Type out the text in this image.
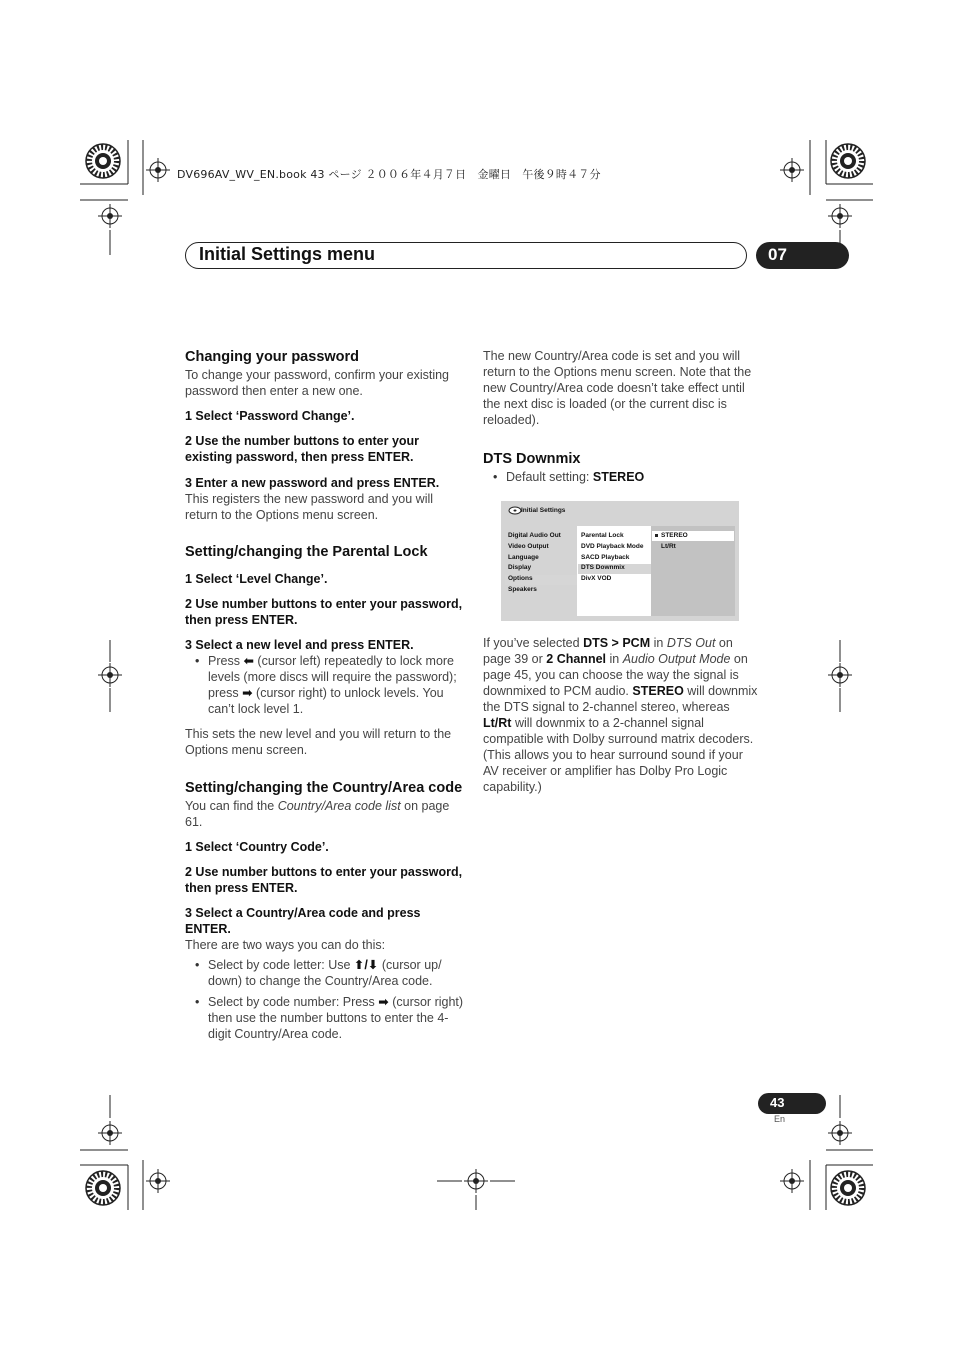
DV696AV_WV_EN.book 43 ページ ２００６年４月７日　金曜日　午後９時４７分
Initial Settings menu	07
Changing your password

To change your password, confirm your existing password then enter a new one.

1 Select ‘Password Change’.

2 Use the number buttons to enter your existing password, then press ENTER.

3 Enter a new password and press ENTER.

This registers the new password and you will return to the Options menu screen.

Setting/changing the Parental Lock

1 Select ‘Level Change’.

2 Use number buttons to enter your password, then press ENTER.

3 Select a new level and press ENTER.

• Press ⬅ (cursor left) repeatedly to lock more levels (more discs will require the password); press ➡ (cursor right) to unlock levels. You can’t lock level 1.

This sets the new level and you will return to the Options menu screen.

Setting/changing the Country/Area code

You can find the Country/Area code list on page 61.

1 Select ‘Country Code’.

2 Use number buttons to enter your password, then press ENTER.

3 Select a Country/Area code and press ENTER.

There are two ways you can do this:

• Select by code letter: Use ⬆/⬇ (cursor up/ down) to change the Country/Area code.

• Select by code number: Press ➡ (cursor right) then use the number buttons to enter the 4-digit Country/Area code.

The new Country/Area code is set and you will return to the Options menu screen. Note that the new Country/Area code doesn’t take effect until the next disc is loaded (or the current disc is reloaded).

DTS Downmix

• Default setting: STEREO

If you’ve selected DTS > PCM in DTS Out on page 39 or 2 Channel in Audio Output Mode on page 45, you can choose the way the signal is downmixed to PCM audio. STEREO will downmix the DTS signal to 2-channel stereo, whereas Lt/Rt will downmix to a 2-channel signal compatible with Dolby surround matrix decoders. (This allows you to hear surround sound if your AV receiver or amplifier has Dolby Pro Logic capability.)

Initial Settings
Digital Audio Out
Video Output
Language
Display
Options
Speakers
Parental Lock
DVD Playback Mode
SACD Playback
DTS Downmix
DivX VOD
STEREO
Lt/Rt
43
En
